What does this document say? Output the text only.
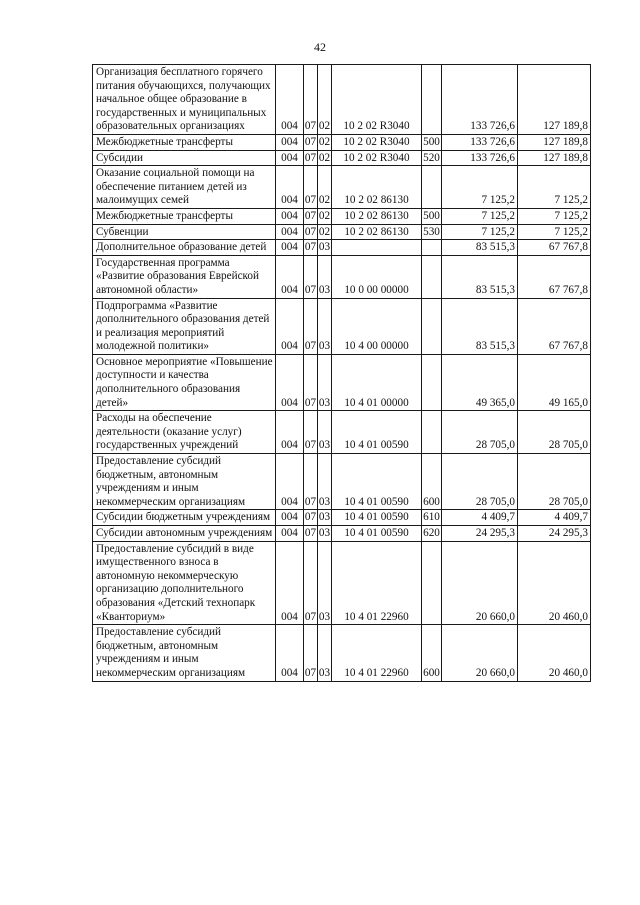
42
Организация бесплатного горячего питания обучающихся, получающих начальное общее образование в государственных и муниципальных образовательных организациях	004	07	02	10 2 02 R3040		133 726,6	127 189,8
Межбюджетные трансферты	004	07	02	10 2 02 R3040	500	133 726,6	127 189,8
Субсидии	004	07	02	10 2 02 R3040	520	133 726,6	127 189,8
Оказание социальной помощи на обеспечение питанием детей из малоимущих семей	004	07	02	10 2 02 86130		7 125,2	7 125,2
Межбюджетные трансферты	004	07	02	10 2 02 86130	500	7 125,2	7 125,2
Субвенции	004	07	02	10 2 02 86130	530	7 125,2	7 125,2
Дополнительное образование детей	004	07	03			83 515,3	67 767,8
Государственная программа «Развитие образования Еврейской автономной области»	004	07	03	10 0 00 00000		83 515,3	67 767,8
Подпрограмма «Развитие дополнительного образования детей и реализация мероприятий молодежной политики»	004	07	03	10 4 00 00000		83 515,3	67 767,8
Основное мероприятие «Повышение доступности и качества дополнительного образования детей»	004	07	03	10 4 01 00000		49 365,0	49 165,0
Расходы на обеспечение деятельности (оказание услуг) государственных учреждений	004	07	03	10 4 01 00590		28 705,0	28 705,0
Предоставление субсидий бюджетным, автономным учреждениям и иным некоммерческим организациям	004	07	03	10 4 01 00590	600	28 705,0	28 705,0
Субсидии бюджетным учреждениям	004	07	03	10 4 01 00590	610	4 409,7	4 409,7
Субсидии автономным учреждениям	004	07	03	10 4 01 00590	620	24 295,3	24 295,3
Предоставление субсидий в виде имущественного взноса в автономную некоммерческую организацию дополнительного образования «Детский технопарк «Кванториум»	004	07	03	10 4 01 22960		20 660,0	20 460,0
Предоставление субсидий бюджетным, автономным учреждениям и иным некоммерческим организациям	004	07	03	10 4 01 22960	600	20 660,0	20 460,0
